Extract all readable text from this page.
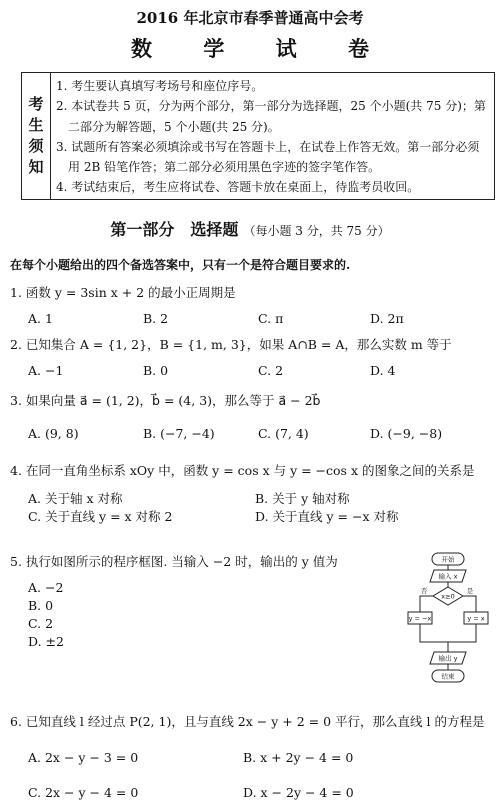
2016 年北京市春季普通高中会考
数 学 试 卷
考
生
须
知
1. 考生要认真填写考场号和座位序号。
2. 本试卷共 5 页，分为两个部分，第一部分为选择题，25 个小题(共 75 分)；第二部分为解答题，5 个小题(共 25 分)。
3. 试题所有答案必须填涂或书写在答题卡上，在试卷上作答无效。第一部分必须用 2B 铅笔作答；第二部分必须用黑色字迹的签字笔作答。
4. 考试结束后，考生应将试卷、答题卡放在桌面上，待监考员收回。
第一部分　选择题 （每小题 3 分，共 75 分）
在每个小题给出的四个备选答案中，只有一个是符合题目要求的.
1. 函数 y = 3sin x + 2 的最小正周期是
A. 1	B. 2	C. π	D. 2π
2. 已知集合 A = {1, 2}，B = {1, m, 3}，如果 A∩B = A，那么实数 m 等于
A. −1	B. 0	C. 2	D. 4
3. 如果向量 a⃗ = (1, 2)，b⃗ = (4, 3)，那么等于 a⃗ − 2b⃗
A. (9, 8)	B. (−7, −4)	C. (7, 4)	D. (−9, −8)
4. 在同一直角坐标系 xOy 中，函数 y = cos x 与 y = −cos x 的图象之间的关系是
A. 关于轴 x 对称	B. 关于 y 轴对称
C. 关于直线 y = x 对称 2	D. 关于直线 y = −x 对称
5. 执行如图所示的程序框图. 当输入 −2 时，输出的 y 值为
A. −2
B. 0
C. 2
D. ±2
开始
输入 x
x≥0
否	是
y = −x	y = x
输出 y
结束
6. 已知直线 l 经过点 P(2, 1)，且与直线 2x − y + 2 = 0 平行，那么直线 l 的方程是
A. 2x − y − 3 = 0	B. x + 2y − 4 = 0
C. 2x − y − 4 = 0	D. x − 2y − 4 = 0
